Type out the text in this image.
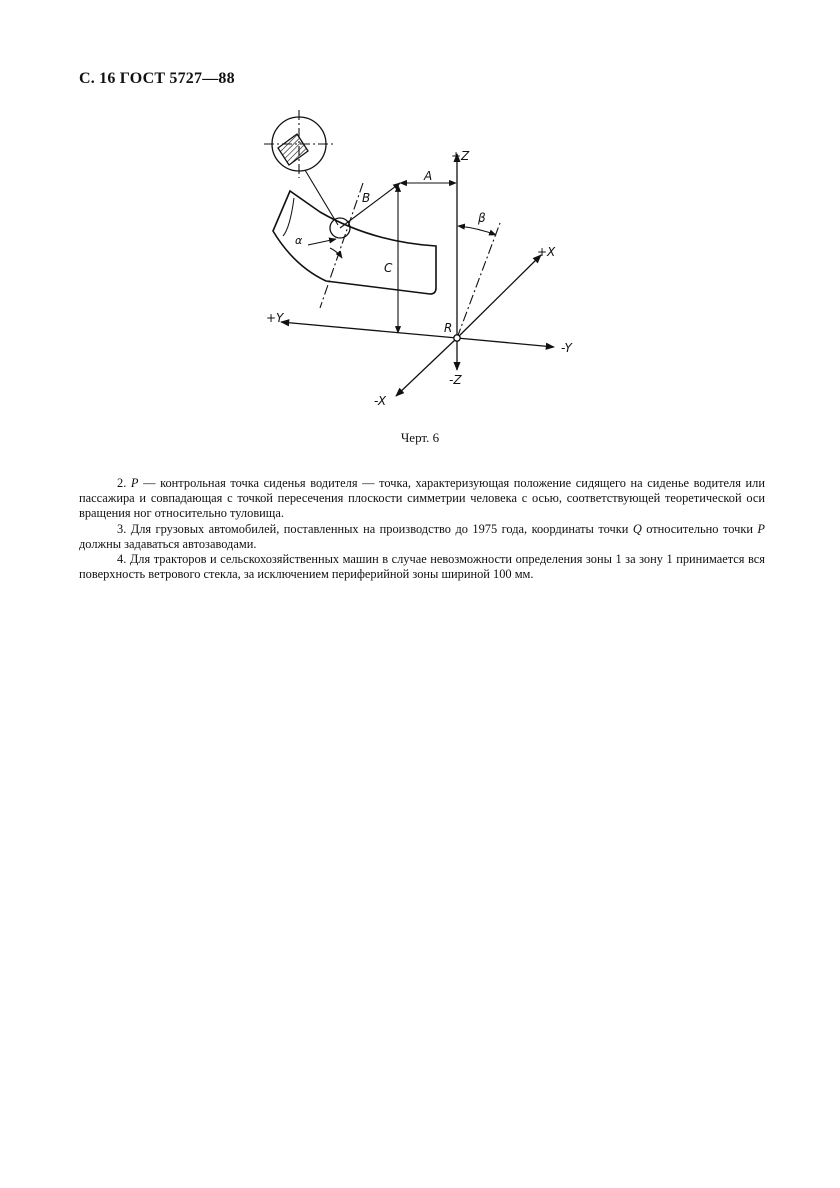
С. 16 ГОСТ 5727—88
+Z
-Z
+X
-X
+Y
-Y
R
A
B
C
β
α
Черт. 6

2. P — контрольная точка сиденья водителя — точка, характеризующая положение сидящего на сиденье водителя или пассажира и совпадающая с точкой пересечения плоскости симметрии человека с осью, соответствующей теоретической оси вращения ног относительно туловища.

3. Для грузовых автомобилей, поставленных на производство до 1975 года, координаты точки Q относительно точки P должны задаваться автозаводами.

4. Для тракторов и сельскохозяйственных машин в случае невозможности определения зоны 1 за зону 1 принимается вся поверхность ветрового стекла, за исключением периферийной зоны шириной 100 мм.
